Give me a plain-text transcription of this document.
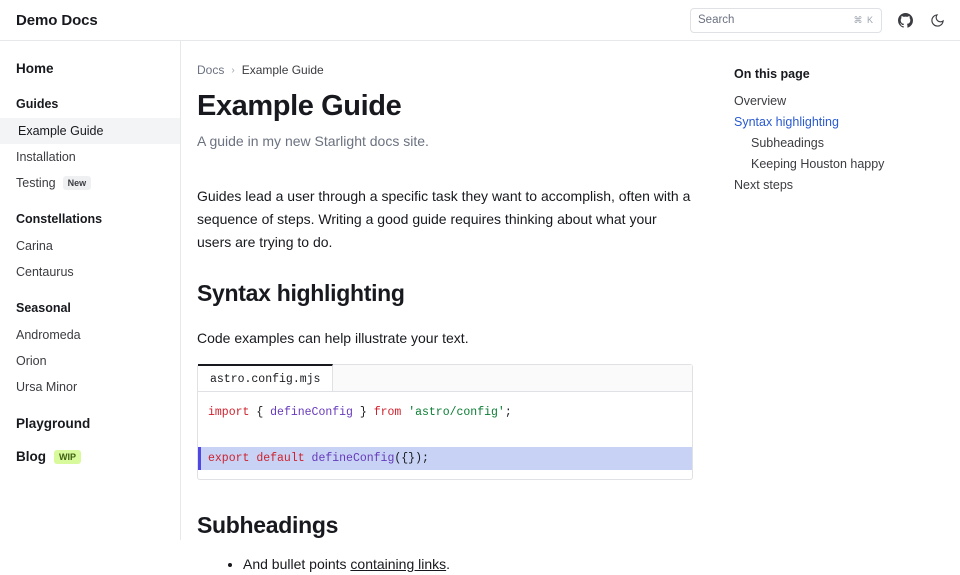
Demo Docs	Search	⌘ K
Home
Guides
Example Guide
Installation
Testing	New
Constellations
Carina
Centaurus
Seasonal
Andromeda
Orion
Ursa Minor
Playground
Blog	WIP
Docs › Example Guide
Example Guide

A guide in my new Starlight docs site.

Guides lead a user through a specific task they want to accomplish, often with a sequence of steps. Writing a good guide requires thinking about what your users are trying to do.

Syntax highlighting

Code examples can help illustrate your text.

astro.config.mjs
import { defineConfig } from 'astro/config';

export default defineConfig({});
Subheadings
• And bullet points containing links.
On this page
Overview
Syntax highlighting
Subheadings
Keeping Houston happy
Next steps
